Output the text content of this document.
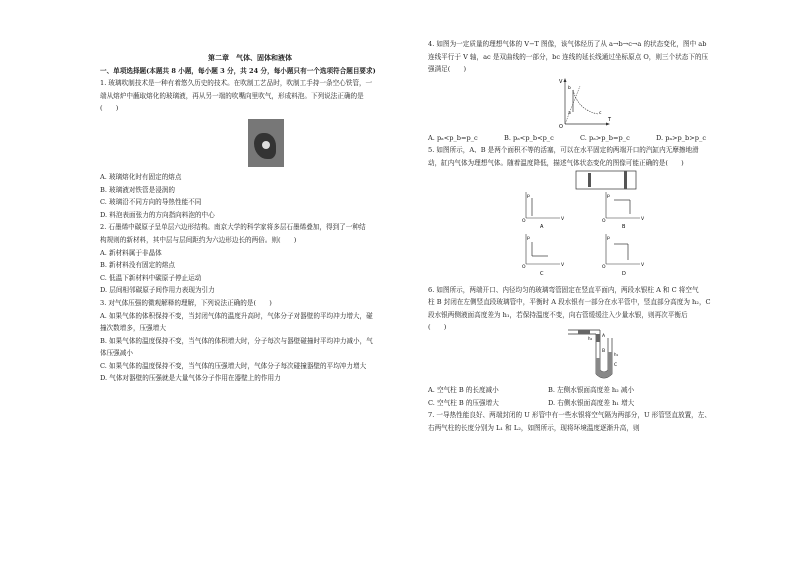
第二章　气体、固体和液体
一、单项选择题(本题共 8 小题，每小题 3 分，共 24 分，每小题只有一个选项符合题目要求)
1. 玻璃吹制技术是一种有着悠久历史的技术。在吹制工艺品时，吹制工手持一条空心铁管，一
端从熔炉中蘸取熔化的玻璃液，再从另一端的吹嘴向里吹气，形成料泡。下列说法正确的是
(　　)
A. 玻璃熔化时有固定的熔点
B. 玻璃液对铁管是浸润的
C. 玻璃沿不同方向的导热性能不同
D. 料泡表面张力的方向指向料泡的中心
2. 石墨烯中碳原子呈单层六边形结构。南京大学的科学家将多层石墨烯叠加，得到了一种结
构规则的新材料，其中层与层间距约为六边形边长的两倍。则(　　)
A. 新材料属于非晶体
B. 新材料没有固定的熔点
C. 低温下新材料中碳原子停止运动
D. 层间相邻碳原子间作用力表现为引力
3. 对气体压强的微观解释的理解，下列说法正确的是(　　)
A. 如果气体的体积保持不变，当封闭气体的温度升高时，气体分子对器壁的平均冲力增大，碰
撞次数增多，压强增大
B. 如果气体的温度保持不变，当气体的体积增大时，分子每次与器壁碰撞时平均冲力减小，气
体压强减小
C. 如果气体的温度保持不变，当气体的压强增大时，气体分子每次碰撞器壁的平均冲力增大
D. 气体对器壁的压强就是大量气体分子作用在器壁上的作用力
4. 如图为一定质量的理想气体的 V−T 图像，该气体经历了从 a→b→c→a 的状态变化，图中 ab
连线平行于 V 轴，ac 是双曲线的一部分，bc 连线的延长线通过坐标原点 O，则三个状态下的压
强满足(　　)
V
T
O
b
a	c
A. pₐ<p_b=p_c	B. pₐ<p_b<p_c	C. pₐ>p_b=p_c	D. pₐ>p_b>p_c
5. 如图所示，A、B 是两个面积不等的活塞，可以在水平固定的两端开口的汽缸内无摩擦地滑
动，缸内气体为理想气体。随着温度降低，描述气体状态变化的图像可能正确的是(　　)
p
V
O
A
p
V
O
B
p
V
O
C
p
V
O
D
6. 如图所示，两端开口、内径均匀的玻璃弯管固定在竖直平面内，两段水银柱 A 和 C 将空气
柱 B 封闭在左侧竖直段玻璃管中，平衡时 A 段水银有一部分在水平管中，竖直部分高度为 h₂，C
段水银两侧液面高度差为 h₁，若保持温度不变，向右管缓缓注入少量水银，则再次平衡后
(　　)
A
B
C
h₁
h₂
A. 空气柱 B 的长度减小	B. 左侧水银面高度差 h₂ 减小
C. 空气柱 B 的压强增大	D. 右侧水银面高度差 h₁ 增大
7. 一导热性能良好、两端封闭的 U 形管中有一些水银将空气隔为两部分，U 形管竖直放置，左、
右两气柱的长度分别为 L₁ 和 L₂，如图所示，现将环境温度逐渐升高，则
